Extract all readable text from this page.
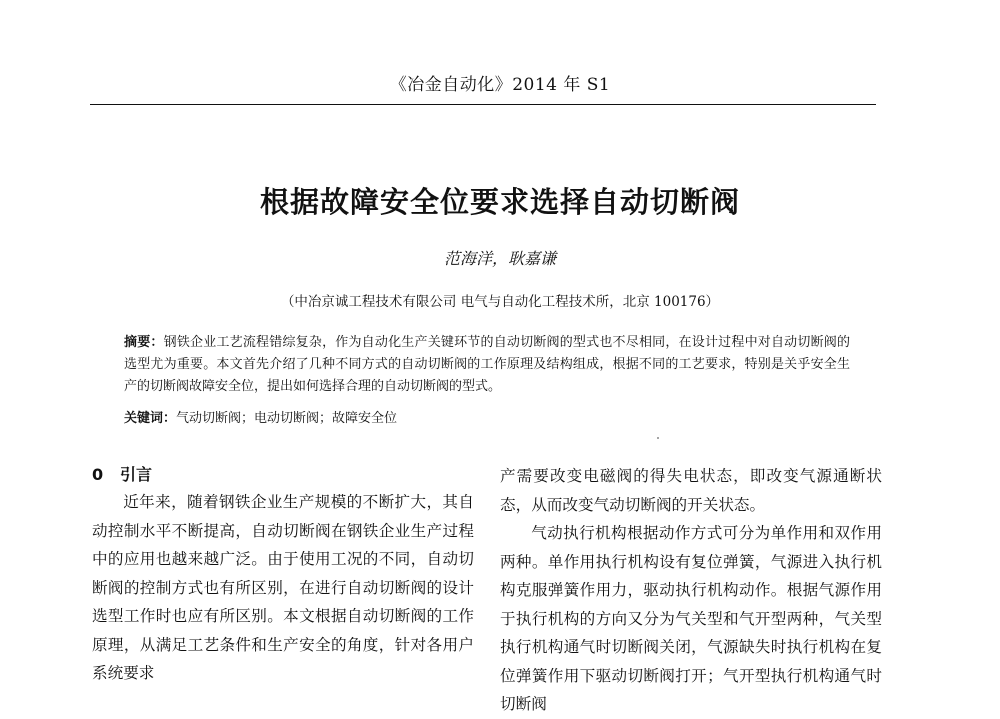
《冶金自动化》2014 年 S1
根据故障安全位要求选择自动切断阀
范海洋，耿嘉谦
（中冶京诚工程技术有限公司 电气与自动化工程技术所，北京 100176）
摘要：钢铁企业工艺流程错综复杂，作为自动化生产关键环节的自动切断阀的型式也不尽相同，在设计过程中对自动切断阀的选型尤为重要。本文首先介绍了几种不同方式的自动切断阀的工作原理及结构组成，根据不同的工艺要求，特别是关乎安全生产的切断阀故障安全位，提出如何选择合理的自动切断阀的型式。
关键词：气动切断阀；电动切断阀；故障安全位
0 引言

近年来，随着钢铁企业生产规模的不断扩大，其自动控制水平不断提高，自动切断阀在钢铁企业生产过程中的应用也越来越广泛。由于使用工况的不同，自动切断阀的控制方式也有所区别，在进行自动切断阀的设计选型工作时也应有所区别。本文根据自动切断阀的工作原理，从满足工艺条件和生产安全的角度，针对各用户系统要求

产需要改变电磁阀的得失电状态，即改变气源通断状态，从而改变气动切断阀的开关状态。

气动执行机构根据动作方式可分为单作用和双作用两种。单作用执行机构设有复位弹簧，气源进入执行机构克服弹簧作用力，驱动执行机构动作。根据气源作用于执行机构的方向又分为气关型和气开型两种，气关型执行机构通气时切断阀关闭，气源缺失时执行机构在复位弹簧作用下驱动切断阀打开；气开型执行机构通气时切断阀
